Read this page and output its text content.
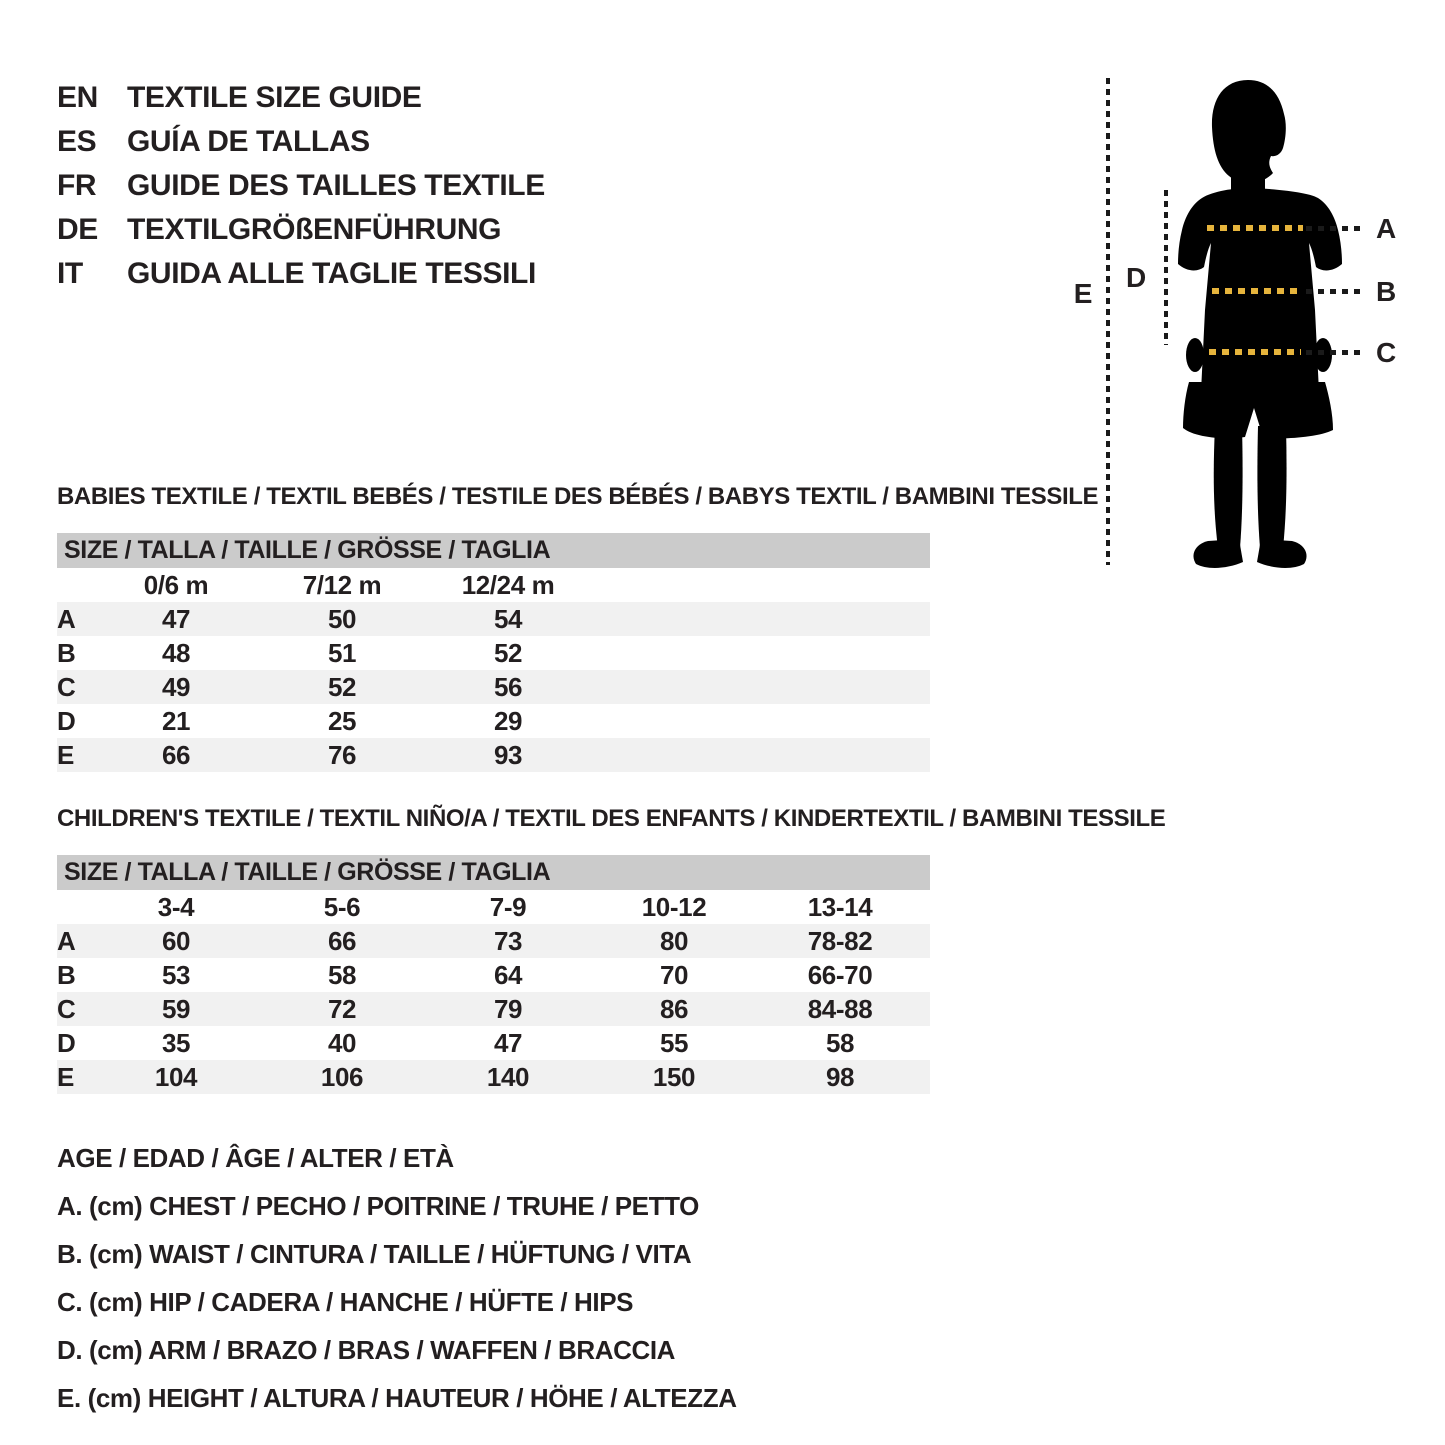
EN TEXTILE SIZE GUIDE
ES	GUÍA DE TALLAS
FR	GUIDE DES TAILLES TEXTILE
DE TEXTILGRÖßENFÜHRUNG
IT	GUIDA ALLE TAGLIE TESSILI
E
D
A
B
C
BABIES TEXTILE / TEXTIL BEBÉS / TESTILE DES BÉBÉS / BABYS TEXTIL / BAMBINI TESSILE
SIZE / TALLA / TAILLE / GRÖSSE / TAGLIA
	0/6 m	7/12 m	12/24 m	
A	47	50	54	
B	48	51	52	
C	49	52	56	
D	21	25	29	
E	66	76	93	
CHILDREN'S TEXTILE / TEXTIL NIÑO/A / TEXTIL DES ENFANTS / KINDERTEXTIL / BAMBINI TESSILE
SIZE / TALLA / TAILLE / GRÖSSE / TAGLIA
	3-4	5-6	7-9	10-12	13-14	
A	60	66	73	80	78-82	
B	53	58	64	70	66-70	
C	59	72	79	86	84-88	
D	35	40	47	55	58	
E	104	106	140	150	98	
AGE / EDAD / ÂGE / ALTER / ETÀ
A. (cm) CHEST / PECHO / POITRINE / TRUHE / PETTO
B. (cm) WAIST / CINTURA / TAILLE / HÜFTUNG / VITA
C. (cm) HIP / CADERA / HANCHE / HÜFTE / HIPS
D. (cm) ARM / BRAZO / BRAS / WAFFEN / BRACCIA
E. (cm) HEIGHT / ALTURA / HAUTEUR / HÖHE / ALTEZZA
